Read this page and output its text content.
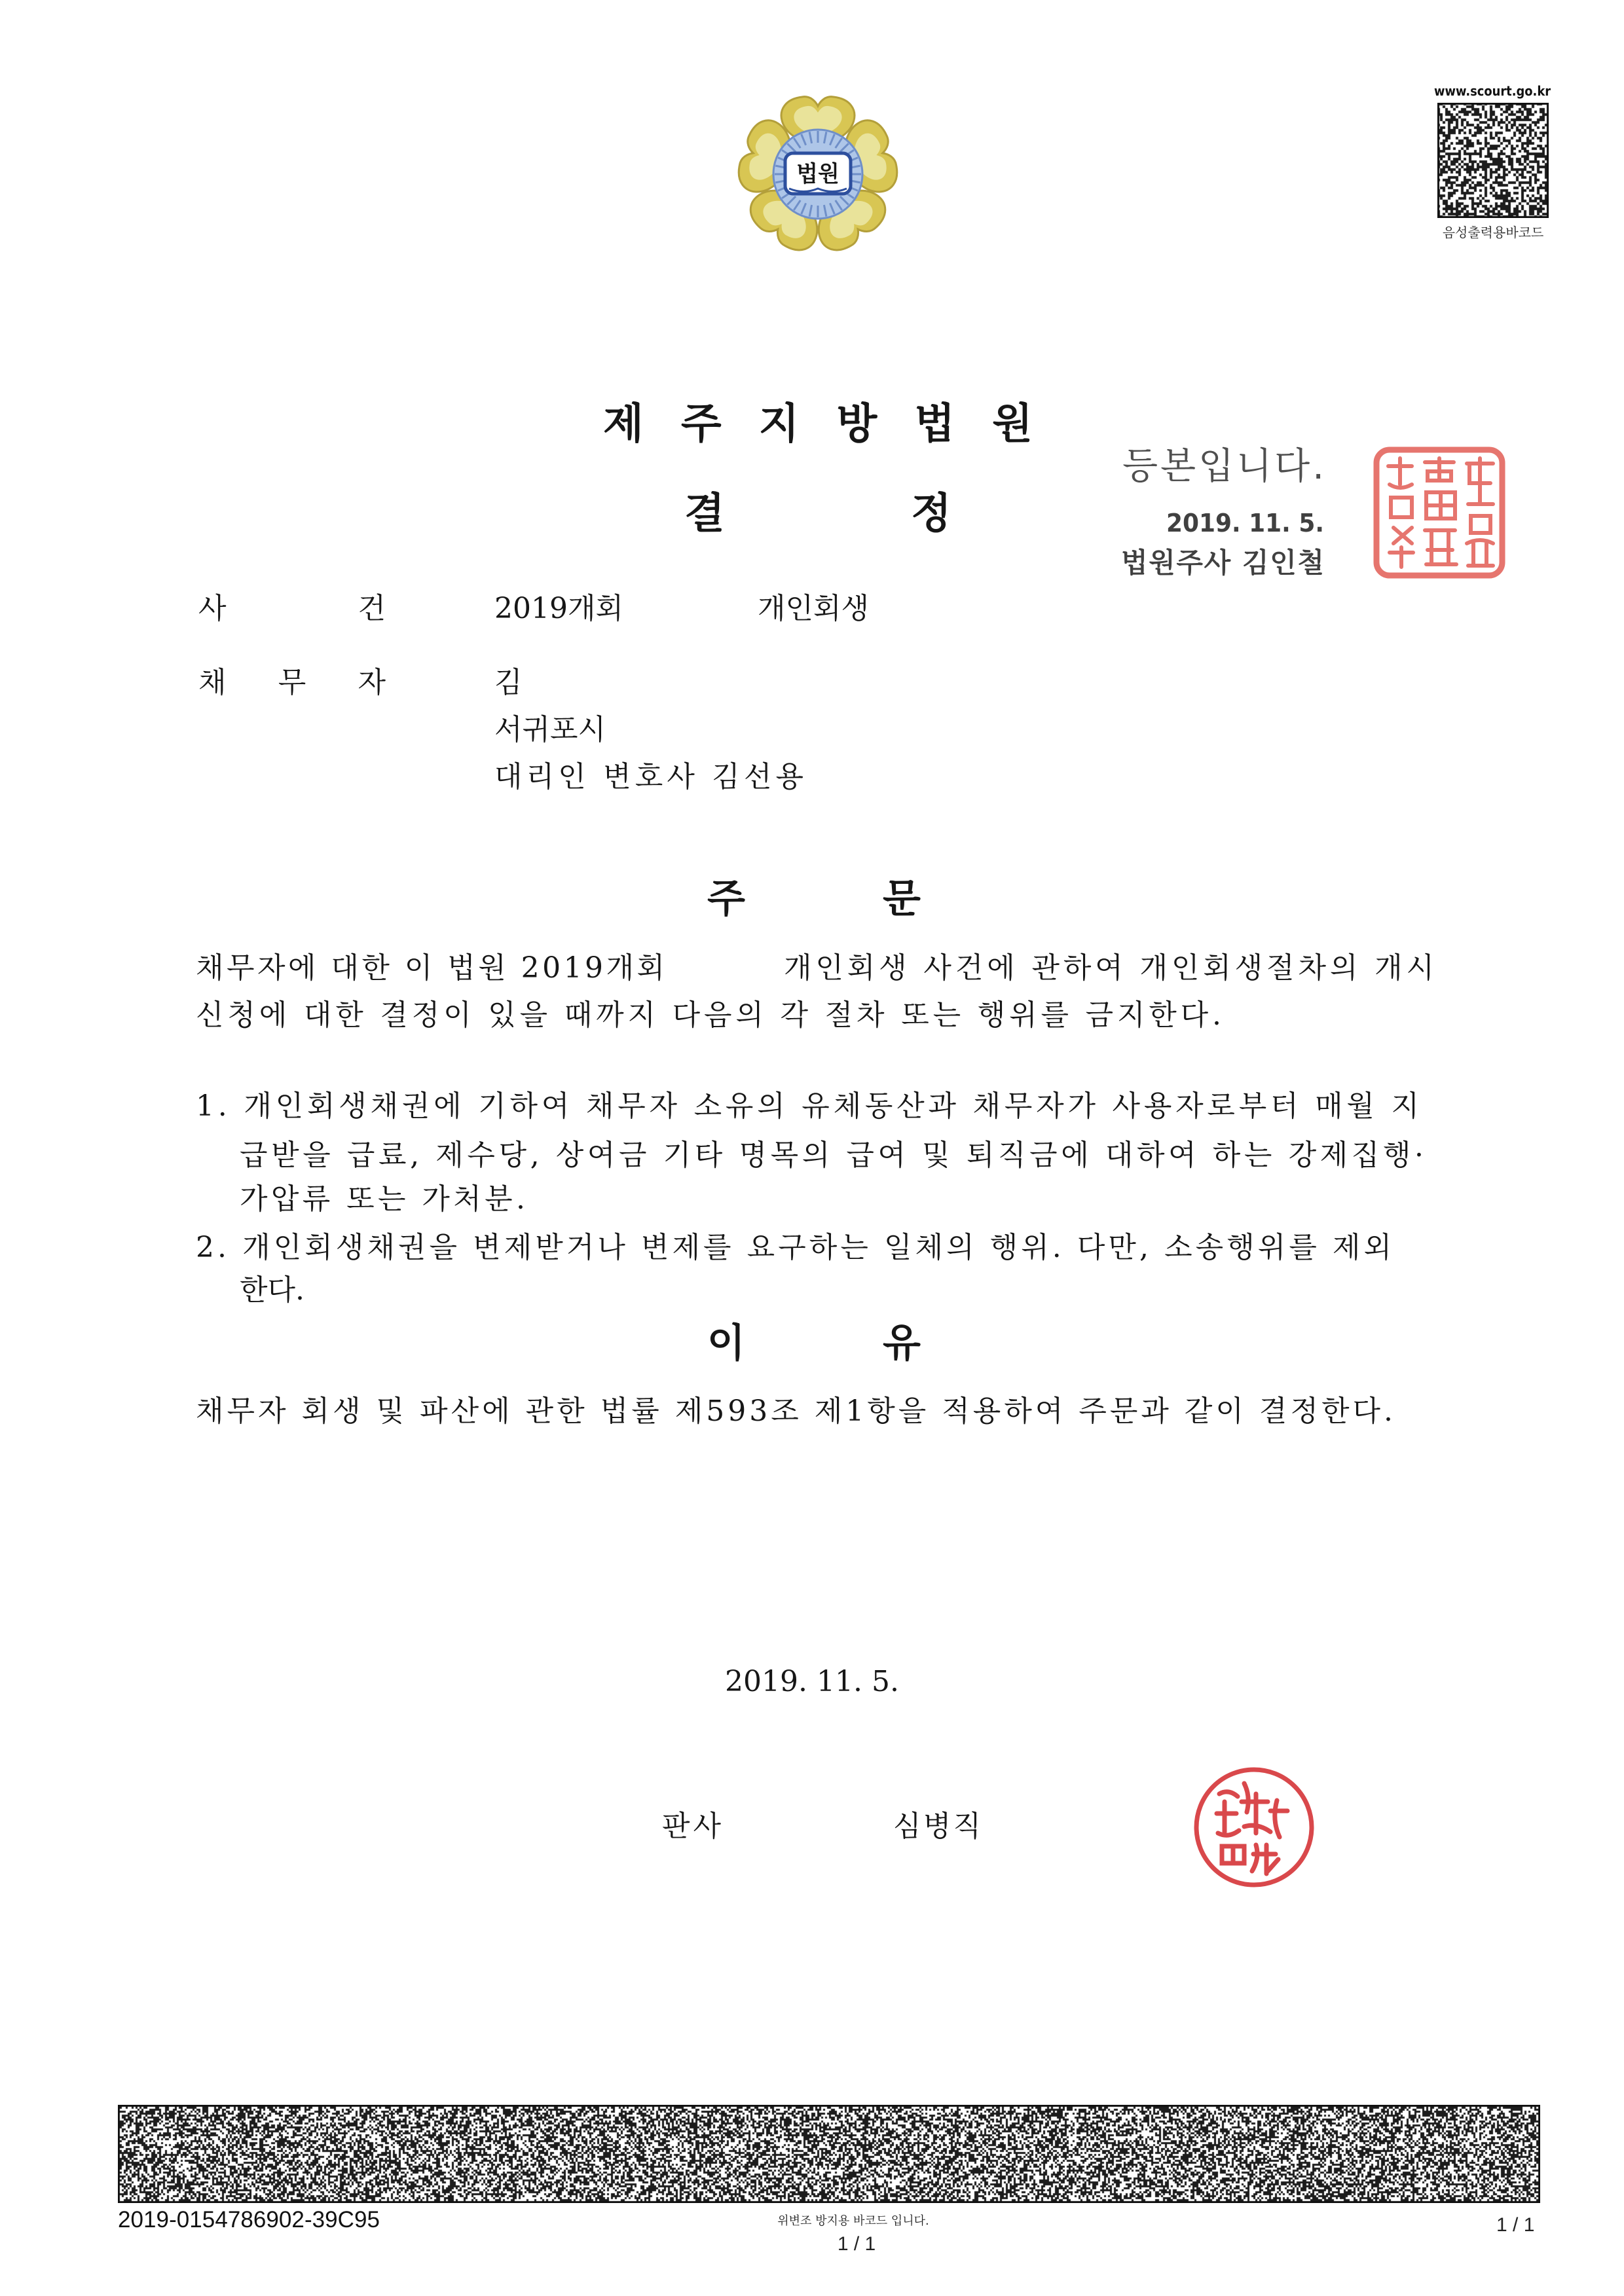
법원
www.scourt.go.kr
음성출력용바코드
제 주 지 방 법 원
결 정
등본입니다.
2019. 11. 5.
법원주사 김인철
사 건	2019개회	개인회생
채 무 자	김
서귀포시
대리인 변호사 김선용
주 문
채무자에 대한 이 법원 2019개회	개인회생 사건에 관하여 개인회생절차의 개시
신청에 대한 결정이 있을 때까지 다음의 각 절차 또는 행위를 금지한다.
1. 개인회생채권에 기하여 채무자 소유의 유체동산과 채무자가 사용자로부터 매월 지
급받을 급료, 제수당, 상여금 기타 명목의 급여 및 퇴직금에 대하여 하는 강제집행·
가압류 또는 가처분.
2. 개인회생채권을 변제받거나 변제를 요구하는 일체의 행위. 다만, 소송행위를 제외
한다.
이 유
채무자 회생 및 파산에 관한 법률 제593조 제1항을 적용하여 주문과 같이 결정한다.
2019. 11. 5.
판사	심병직
2019-0154786902-39C95	위변조 방지용 바코드 입니다.
1 / 1
1 / 1
